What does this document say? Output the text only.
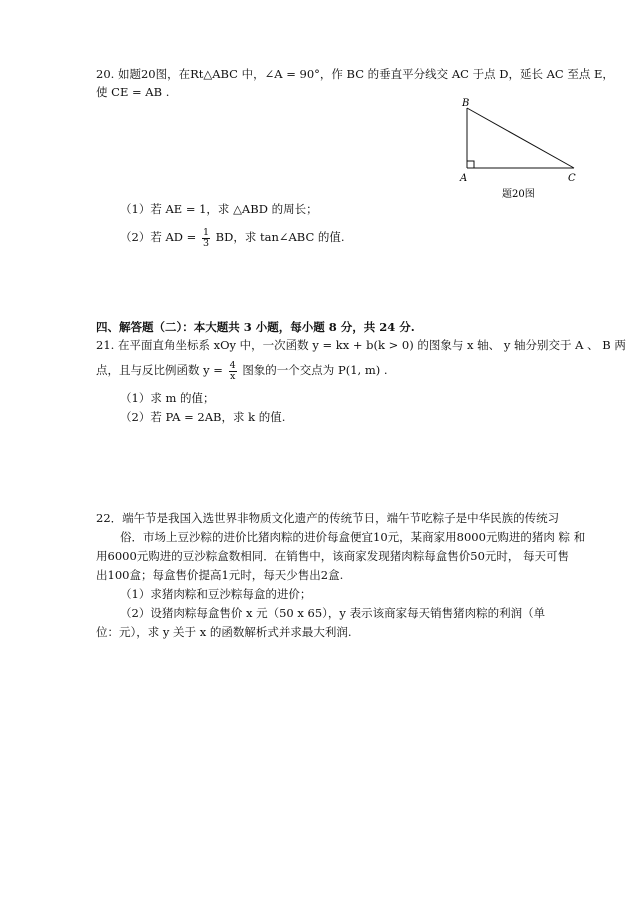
20. 如题20图，在Rt△ABC 中，∠A = 90°，作 BC 的垂直平分线交 AC 于点 D，延长 AC 至点 E，
使 CE = AB .
B
A	C
题20图
（1）若 AE = 1，求 △ABD 的周长；
（2）若 AD = $\frac{1}{3}$ BD，求 tan∠ABC 的值.
四、解答题（二）：本大题共 3 小题，每小题 8 分，共 24 分.
21. 在平面直角坐标系 xOy 中，一次函数 y = kx + b(k > 0) 的图象与 x 轴、 y 轴分别交于 A 、 B 两
点，且与反比例函数 $y = \frac{4}{x}$ 图象的一个交点为 P(1, m) .
（1）求 m 的值；
（2）若 PA = 2AB，求 k 的值.
22．端午节是我国入选世界非物质文化遗产的传统节日，端午节吃粽子是中华民族的传统习
俗．市场上豆沙粽的进价比猪肉粽的进价每盒便宜10元，某商家用8000元购进的猪肉 粽 和
用6000元购进的豆沙粽盒数相同．在销售中，该商家发现猪肉粽每盒售价50元时， 每天可售
出100盒；每盒售价提高1元时，每天少售出2盒.
（1）求猪肉粽和豆沙粽每盒的进价；
（2）设猪肉粽每盒售价 x 元（50 x 65），y 表示该商家每天销售猪肉粽的利润（单
位：元），求 y 关于 x 的函数解析式并求最大利润.
